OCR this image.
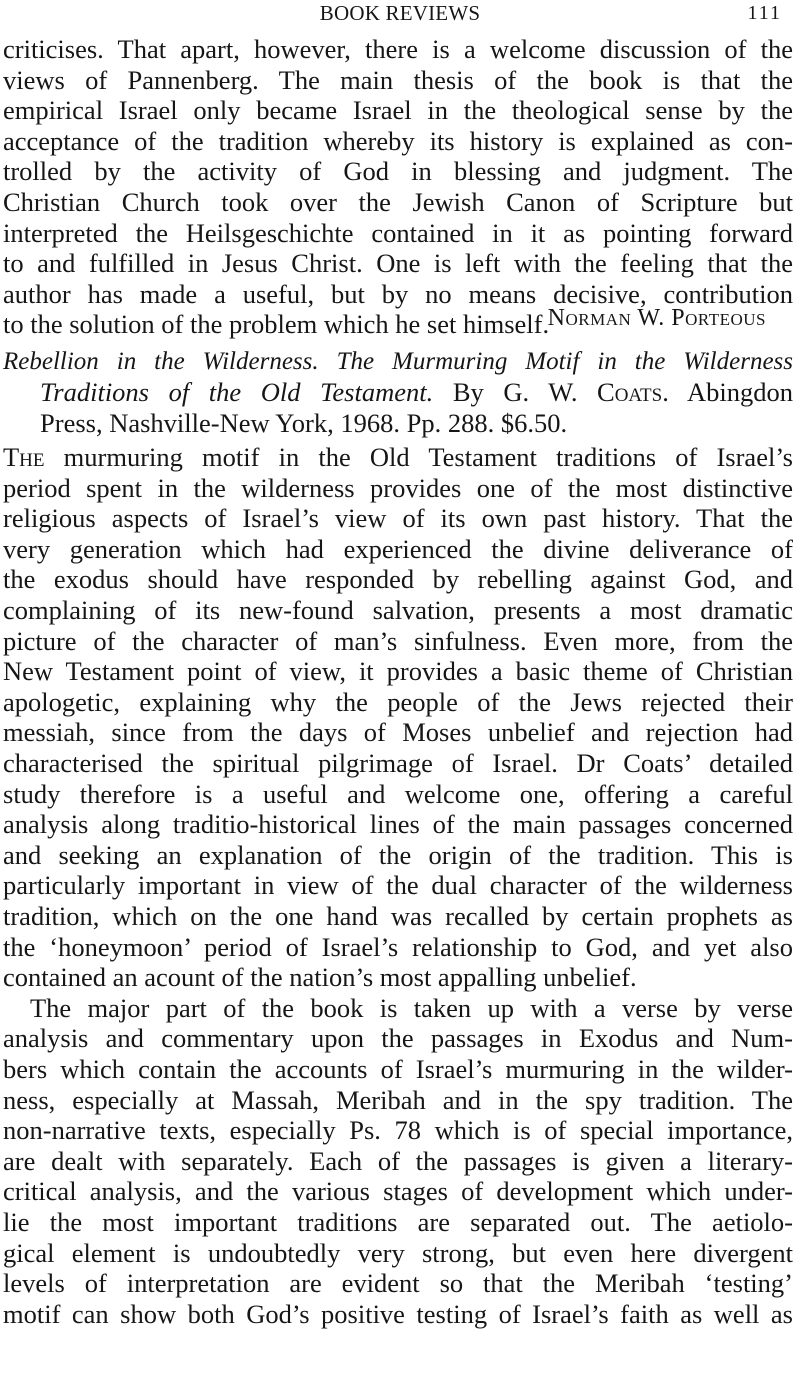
BOOK REVIEWS	111
criticises. That apart, however, there is a welcome discussion of the
views of Pannenberg. The main thesis of the book is that the
empirical Israel only became Israel in the theological sense by the
acceptance of the tradition whereby its history is explained as con-
trolled by the activity of God in blessing and judgment. The
Christian Church took over the Jewish Canon of Scripture but
interpreted the Heilsgeschichte contained in it as pointing forward
to and fulfilled in Jesus Christ. One is left with the feeling that the
author has made a useful, but by no means decisive, contribution
to the solution of the problem which he set himself.
Norman W. Porteous
Rebellion in the Wilderness. The Murmuring Motif in the Wilderness
Traditions of the Old Testament. By G. W. Coats. Abingdon
Press, Nashville-New York, 1968. Pp. 288. $6.50.
The murmuring motif in the Old Testament traditions of Israel’s
period spent in the wilderness provides one of the most distinctive
religious aspects of Israel’s view of its own past history. That the
very generation which had experienced the divine deliverance of
the exodus should have responded by rebelling against God, and
complaining of its new-found salvation, presents a most dramatic
picture of the character of man’s sinfulness. Even more, from the
New Testament point of view, it provides a basic theme of Christian
apologetic, explaining why the people of the Jews rejected their
messiah, since from the days of Moses unbelief and rejection had
characterised the spiritual pilgrimage of Israel. Dr Coats’ detailed
study therefore is a useful and welcome one, offering a careful
analysis along traditio-historical lines of the main passages concerned
and seeking an explanation of the origin of the tradition. This is
particularly important in view of the dual character of the wilderness
tradition, which on the one hand was recalled by certain prophets as
the ‘honeymoon’ period of Israel’s relationship to God, and yet also
contained an acount of the nation’s most appalling unbelief.
The major part of the book is taken up with a verse by verse
analysis and commentary upon the passages in Exodus and Num-
bers which contain the accounts of Israel’s murmuring in the wilder-
ness, especially at Massah, Meribah and in the spy tradition. The
non-narrative texts, especially Ps. 78 which is of special importance,
are dealt with separately. Each of the passages is given a literary-
critical analysis, and the various stages of development which under-
lie the most important traditions are separated out. The aetiolo-
gical element is undoubtedly very strong, but even here divergent
levels of interpretation are evident so that the Meribah ‘testing’
motif can show both God’s positive testing of Israel’s faith as well as
